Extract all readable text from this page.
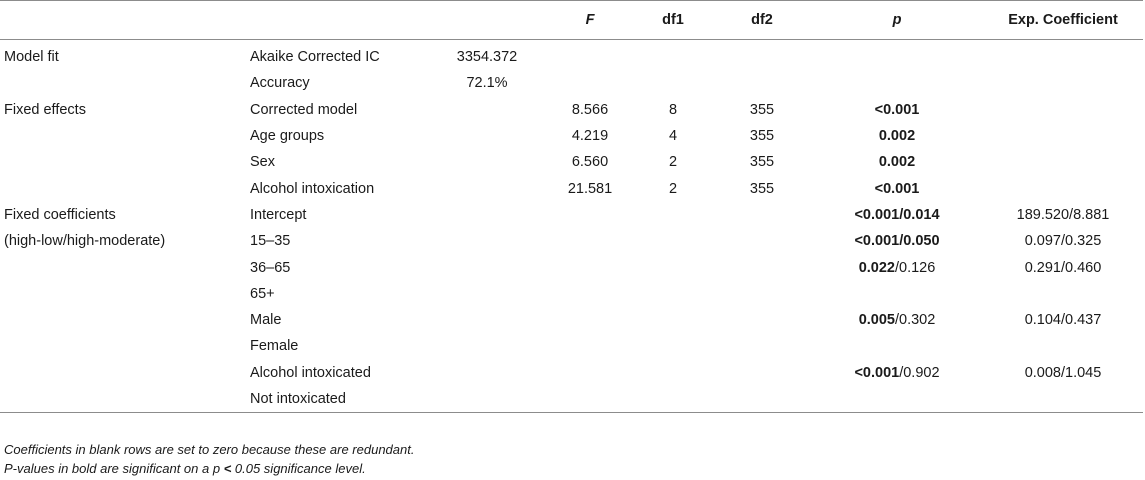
			F	df1	df2	p	Exp. Coefficient
Model fit	Akaike Corrected IC	3354.372					
	Accuracy	72.1%					
Fixed effects	Corrected model		8.566	8	355	<0.001	
	Age groups		4.219	4	355	0.002	
	Sex		6.560	2	355	0.002	
	Alcohol intoxication		21.581	2	355	<0.001	
Fixed coefficients	Intercept					<0.001/0.014	189.520/8.881
(high-low/high-moderate)	15–35					<0.001/0.050	0.097/0.325
	36–65					0.022/0.126	0.291/0.460
	65+						
	Male					0.005/0.302	0.104/0.437
	Female						
	Alcohol intoxicated					<0.001/0.902	0.008/1.045
	Not intoxicated						
Coefficients in blank rows are set to zero because these are redundant.
P-values in bold are significant on a p < 0.05 significance level.
